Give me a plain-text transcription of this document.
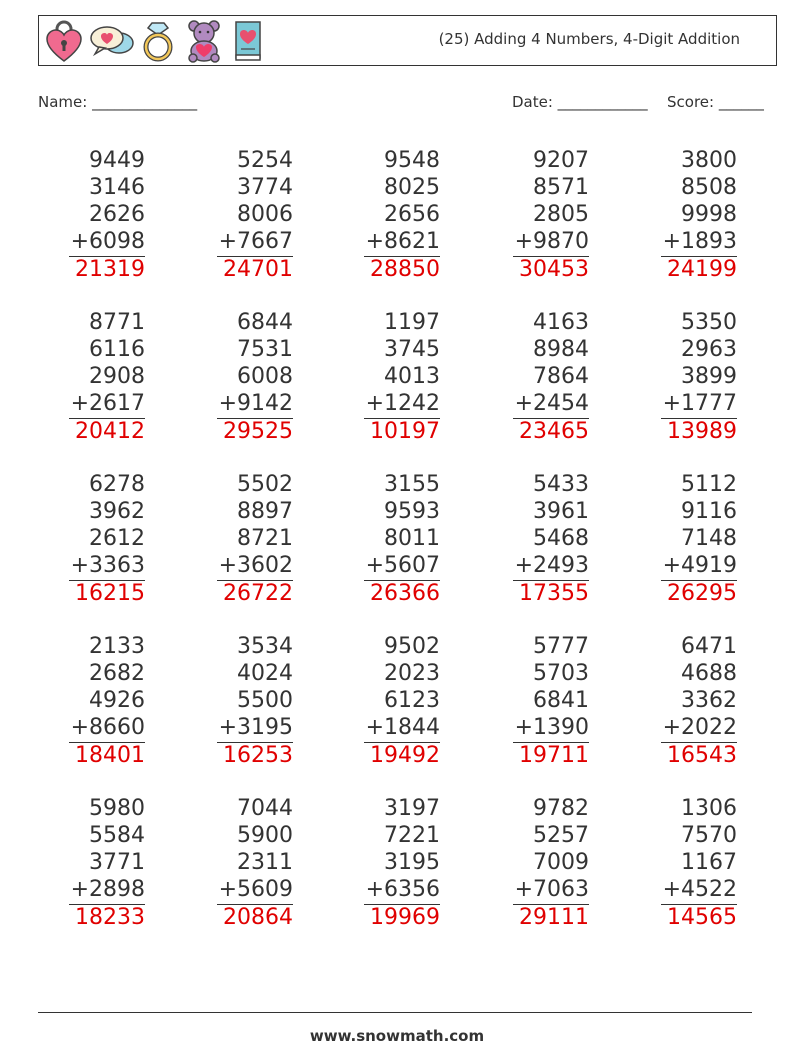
(25) Adding 4 Numbers, 4-Digit Addition
Name: ______________	Date: ____________ Score: ______
9449
3146
2626
+6098
21319
5254
3774
8006
+7667
24701
9548
8025
2656
+8621
28850
9207
8571
2805
+9870
30453
3800
8508
9998
+1893
24199
8771
6116
2908
+2617
20412
6844
7531
6008
+9142
29525
1197
3745
4013
+1242
10197
4163
8984
7864
+2454
23465
5350
2963
3899
+1777
13989
6278
3962
2612
+3363
16215
5502
8897
8721
+3602
26722
3155
9593
8011
+5607
26366
5433
3961
5468
+2493
17355
5112
9116
7148
+4919
26295
2133
2682
4926
+8660
18401
3534
4024
5500
+3195
16253
9502
2023
6123
+1844
19492
5777
5703
6841
+1390
19711
6471
4688
3362
+2022
16543
5980
5584
3771
+2898
18233
7044
5900
2311
+5609
20864
3197
7221
3195
+6356
19969
9782
5257
7009
+7063
29111
1306
7570
1167
+4522
14565
www.snowmath.com
